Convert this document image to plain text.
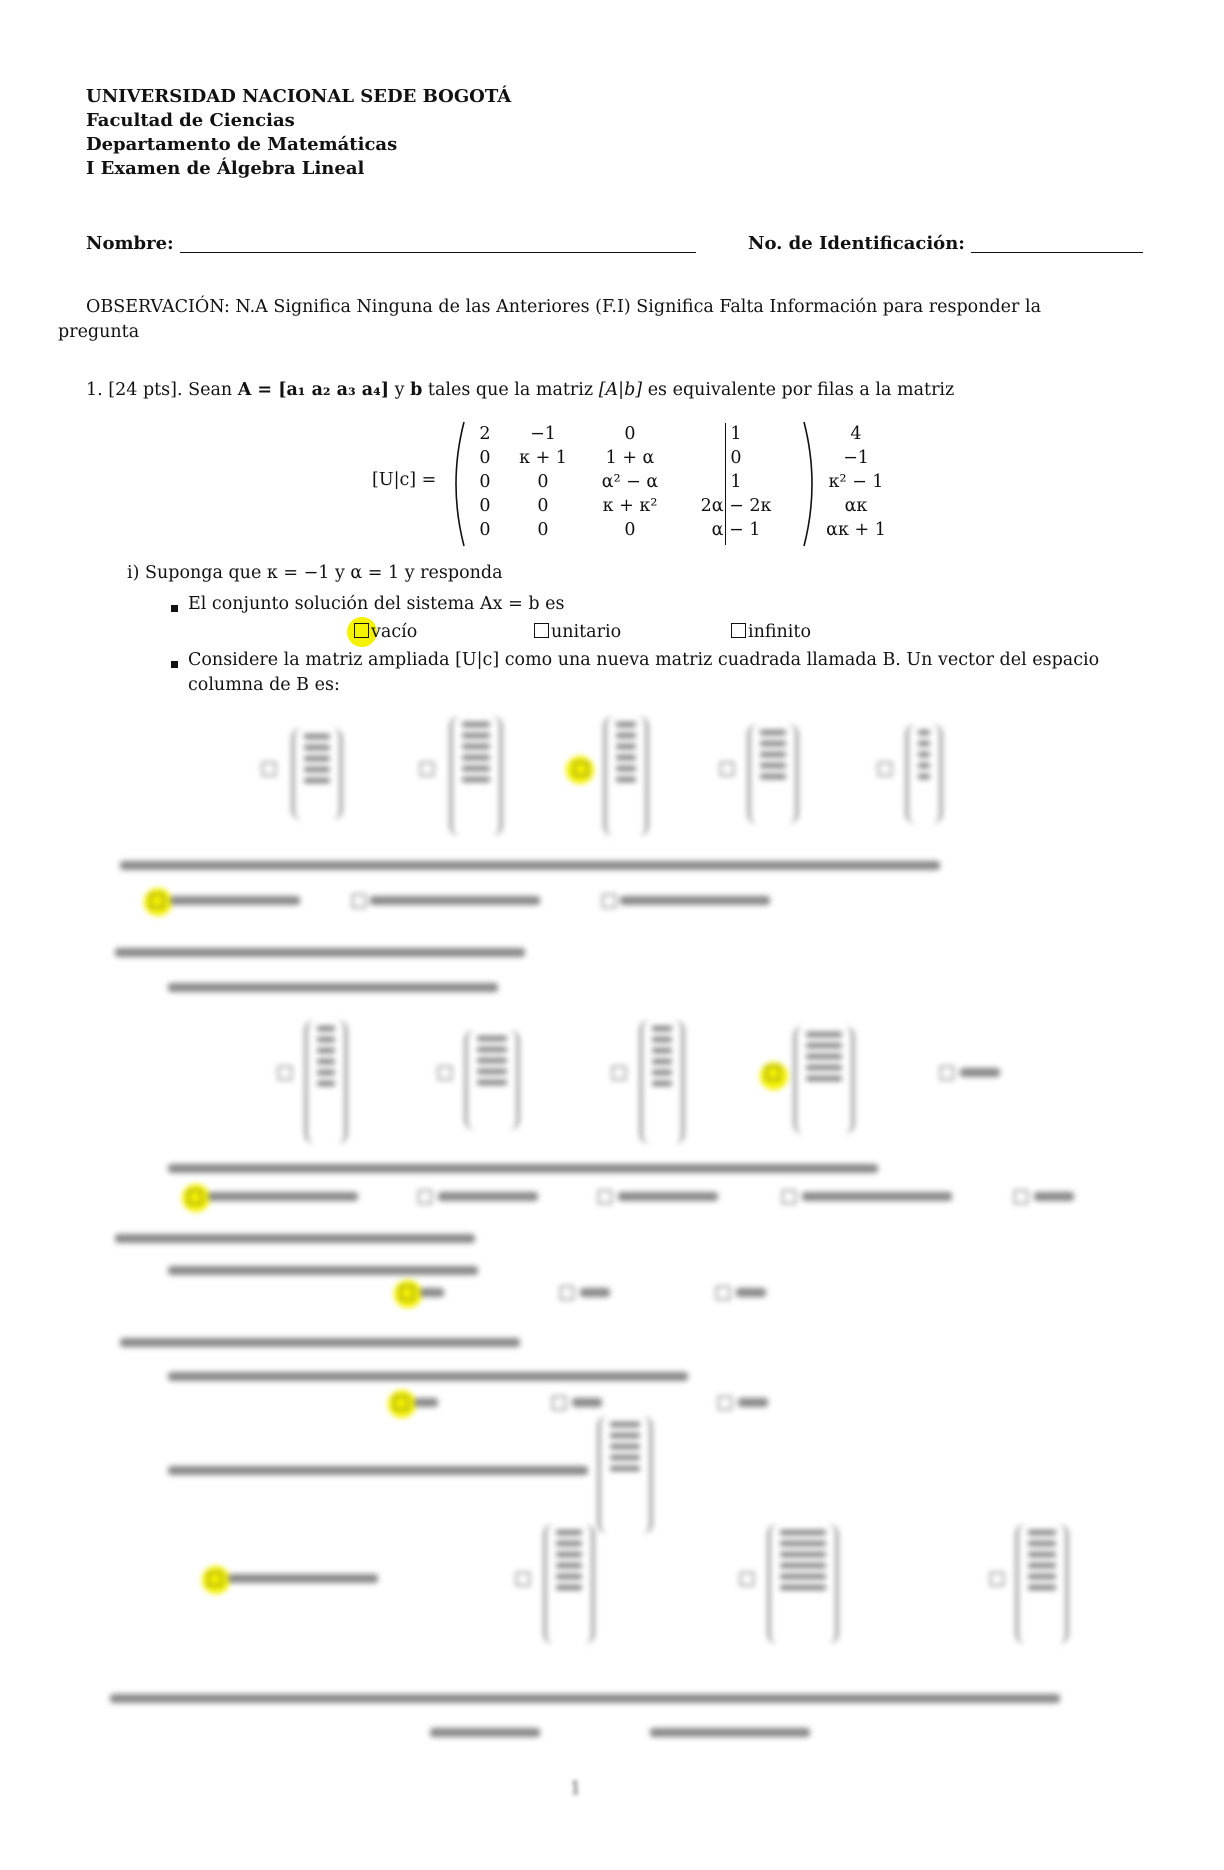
UNIVERSIDAD NACIONAL SEDE BOGOTÁ
Facultad de Ciencias
Departamento de Matemáticas
I Examen de Álgebra Lineal
Nombre:	No. de Identificación:
OBSERVACIÓN: N.A Significa Ninguna de las Anteriores (F.I) Significa Falta Información para responder la pregunta
1. [24 pts]. Sean A = [a₁ a₂ a₃ a₄] y b tales que la matriz [A|b] es equivalente por filas a la matriz
[U|c] =
2	−1	0	1	4
0	κ + 1	1 + α	0	−1
0	0	α² − α	1	κ² − 1
0	0	κ + κ²	2α − 2κ	ακ
0	0	0	α − 1	ακ + 1
i) Suponga que κ = −1 y α = 1 y responda
El conjunto solución del sistema Ax = b es
vacío	unitario	infinito
Considere la matriz ampliada [U|c] como una nueva matriz cuadrada llamada B. Un vector del espacio
columna de B es:
1
